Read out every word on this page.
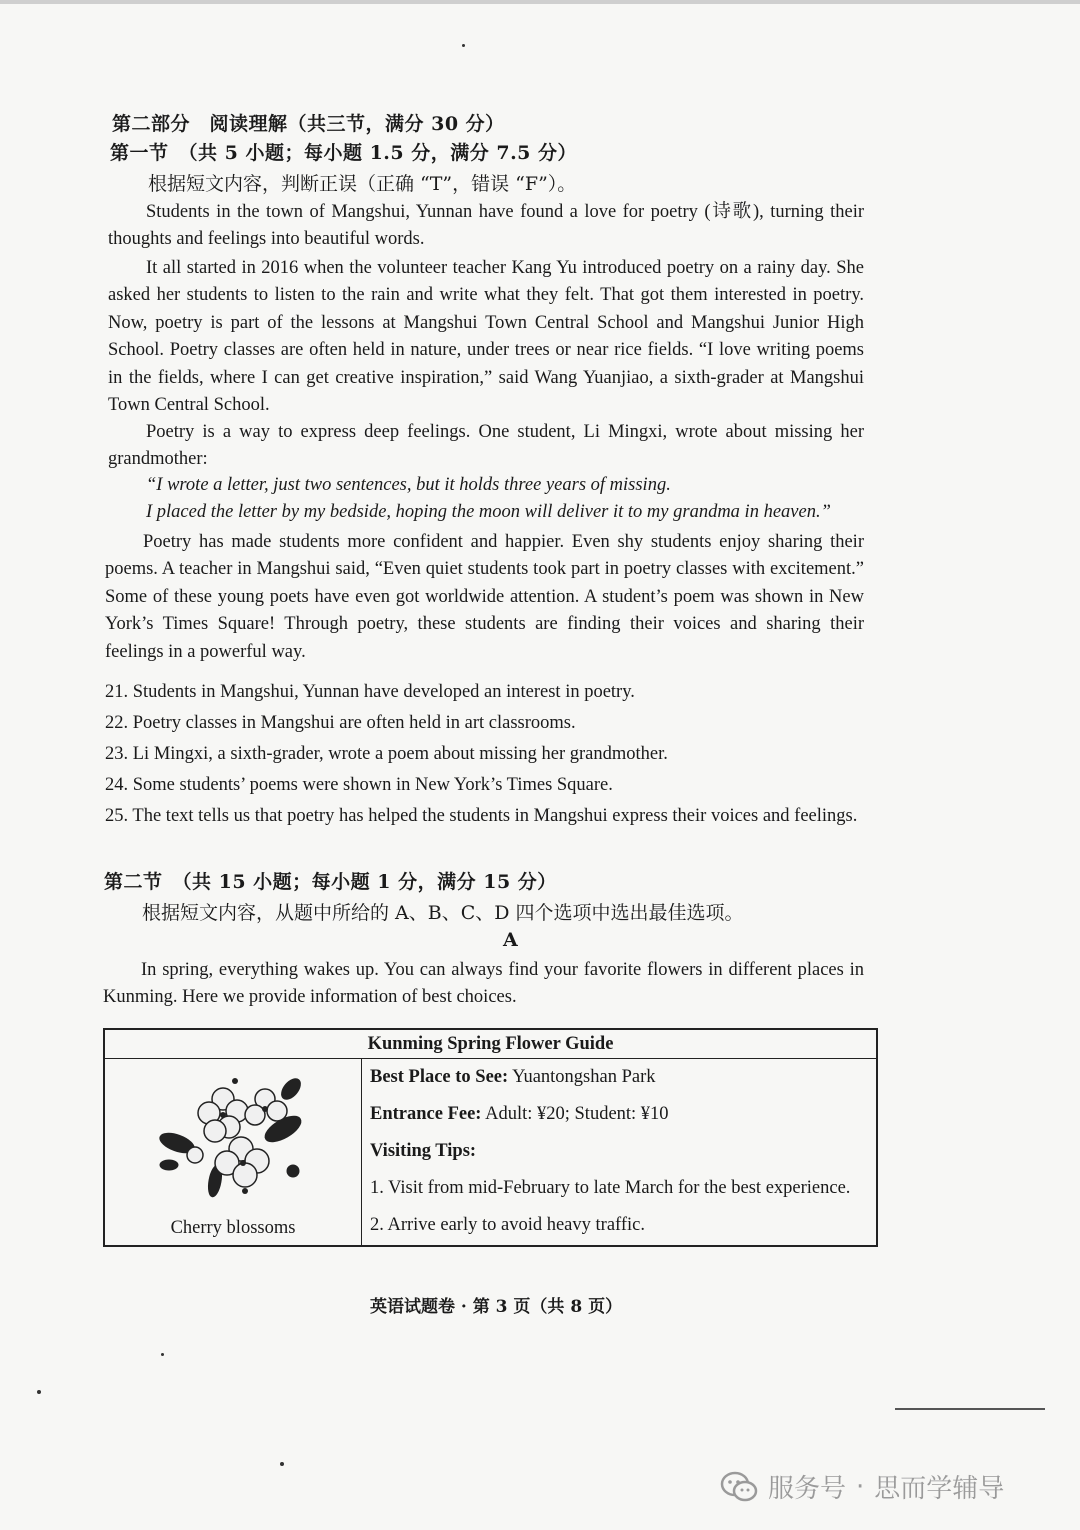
第二部分　阅读理解（共三节，满分 30 分）
第一节　（共 5 小题；每小题 1.5 分，满分 7.5 分）
根据短文内容，判断正误（正确 “T”，错误 “F”）。

Students in the town of Mangshui, Yunnan have found a love for poetry (诗歌), turning their thoughts and feelings into beautiful words.

It all started in 2016 when the volunteer teacher Kang Yu introduced poetry on a rainy day. She asked her students to listen to the rain and write what they felt. That got them interested in poetry. Now, poetry is part of the lessons at Mangshui Town Central School and Mangshui Junior High School. Poetry classes are often held in nature, under trees or near rice fields. “I love writing poems in the fields, where I can get creative inspiration,” said Wang Yuanjiao, a sixth-grader at Mangshui Town Central School.

Poetry is a way to express deep feelings. One student, Li Mingxi, wrote about missing her grandmother:

“I wrote a letter, just two sentences, but it holds three years of missing.
I placed the letter by my bedside, hoping the moon will deliver it to my grandma in heaven.”

Poetry has made students more confident and happier. Even shy students enjoy sharing their poems. A teacher in Mangshui said, “Even quiet students took part in poetry classes with excitement.” Some of these young poets have even got worldwide attention. A student’s poem was shown in New York’s Times Square! Through poetry, these students are finding their voices and sharing their feelings in a powerful way.

21. Students in Mangshui, Yunnan have developed an interest in poetry.
22. Poetry classes in Mangshui are often held in art classrooms.
23. Li Mingxi, a sixth-grader, wrote a poem about missing her grandmother.
24. Some students’ poems were shown in New York’s Times Square.
25. The text tells us that poetry has helped the students in Mangshui express their voices and feelings.
第二节　（共 15 小题；每小题 1 分，满分 15 分）
根据短文内容，从题中所给的 A、B、C、D 四个选项中选出最佳选项。
A

In spring, everything wakes up. You can always find your favorite flowers in different places in Kunming. Here we provide information of best choices.

Kunming Spring Flower Guide

Cherry blossoms

Best Place to See: Yuantongshan Park
Entrance Fee: Adult: ¥20; Student: ¥10
Visiting Tips:
1. Visit from mid-February to late March for the best experience.
2. Arrive early to avoid heavy traffic.
英语试题卷 · 第 3 页（共 8 页）
服务号 · 思而学辅导
